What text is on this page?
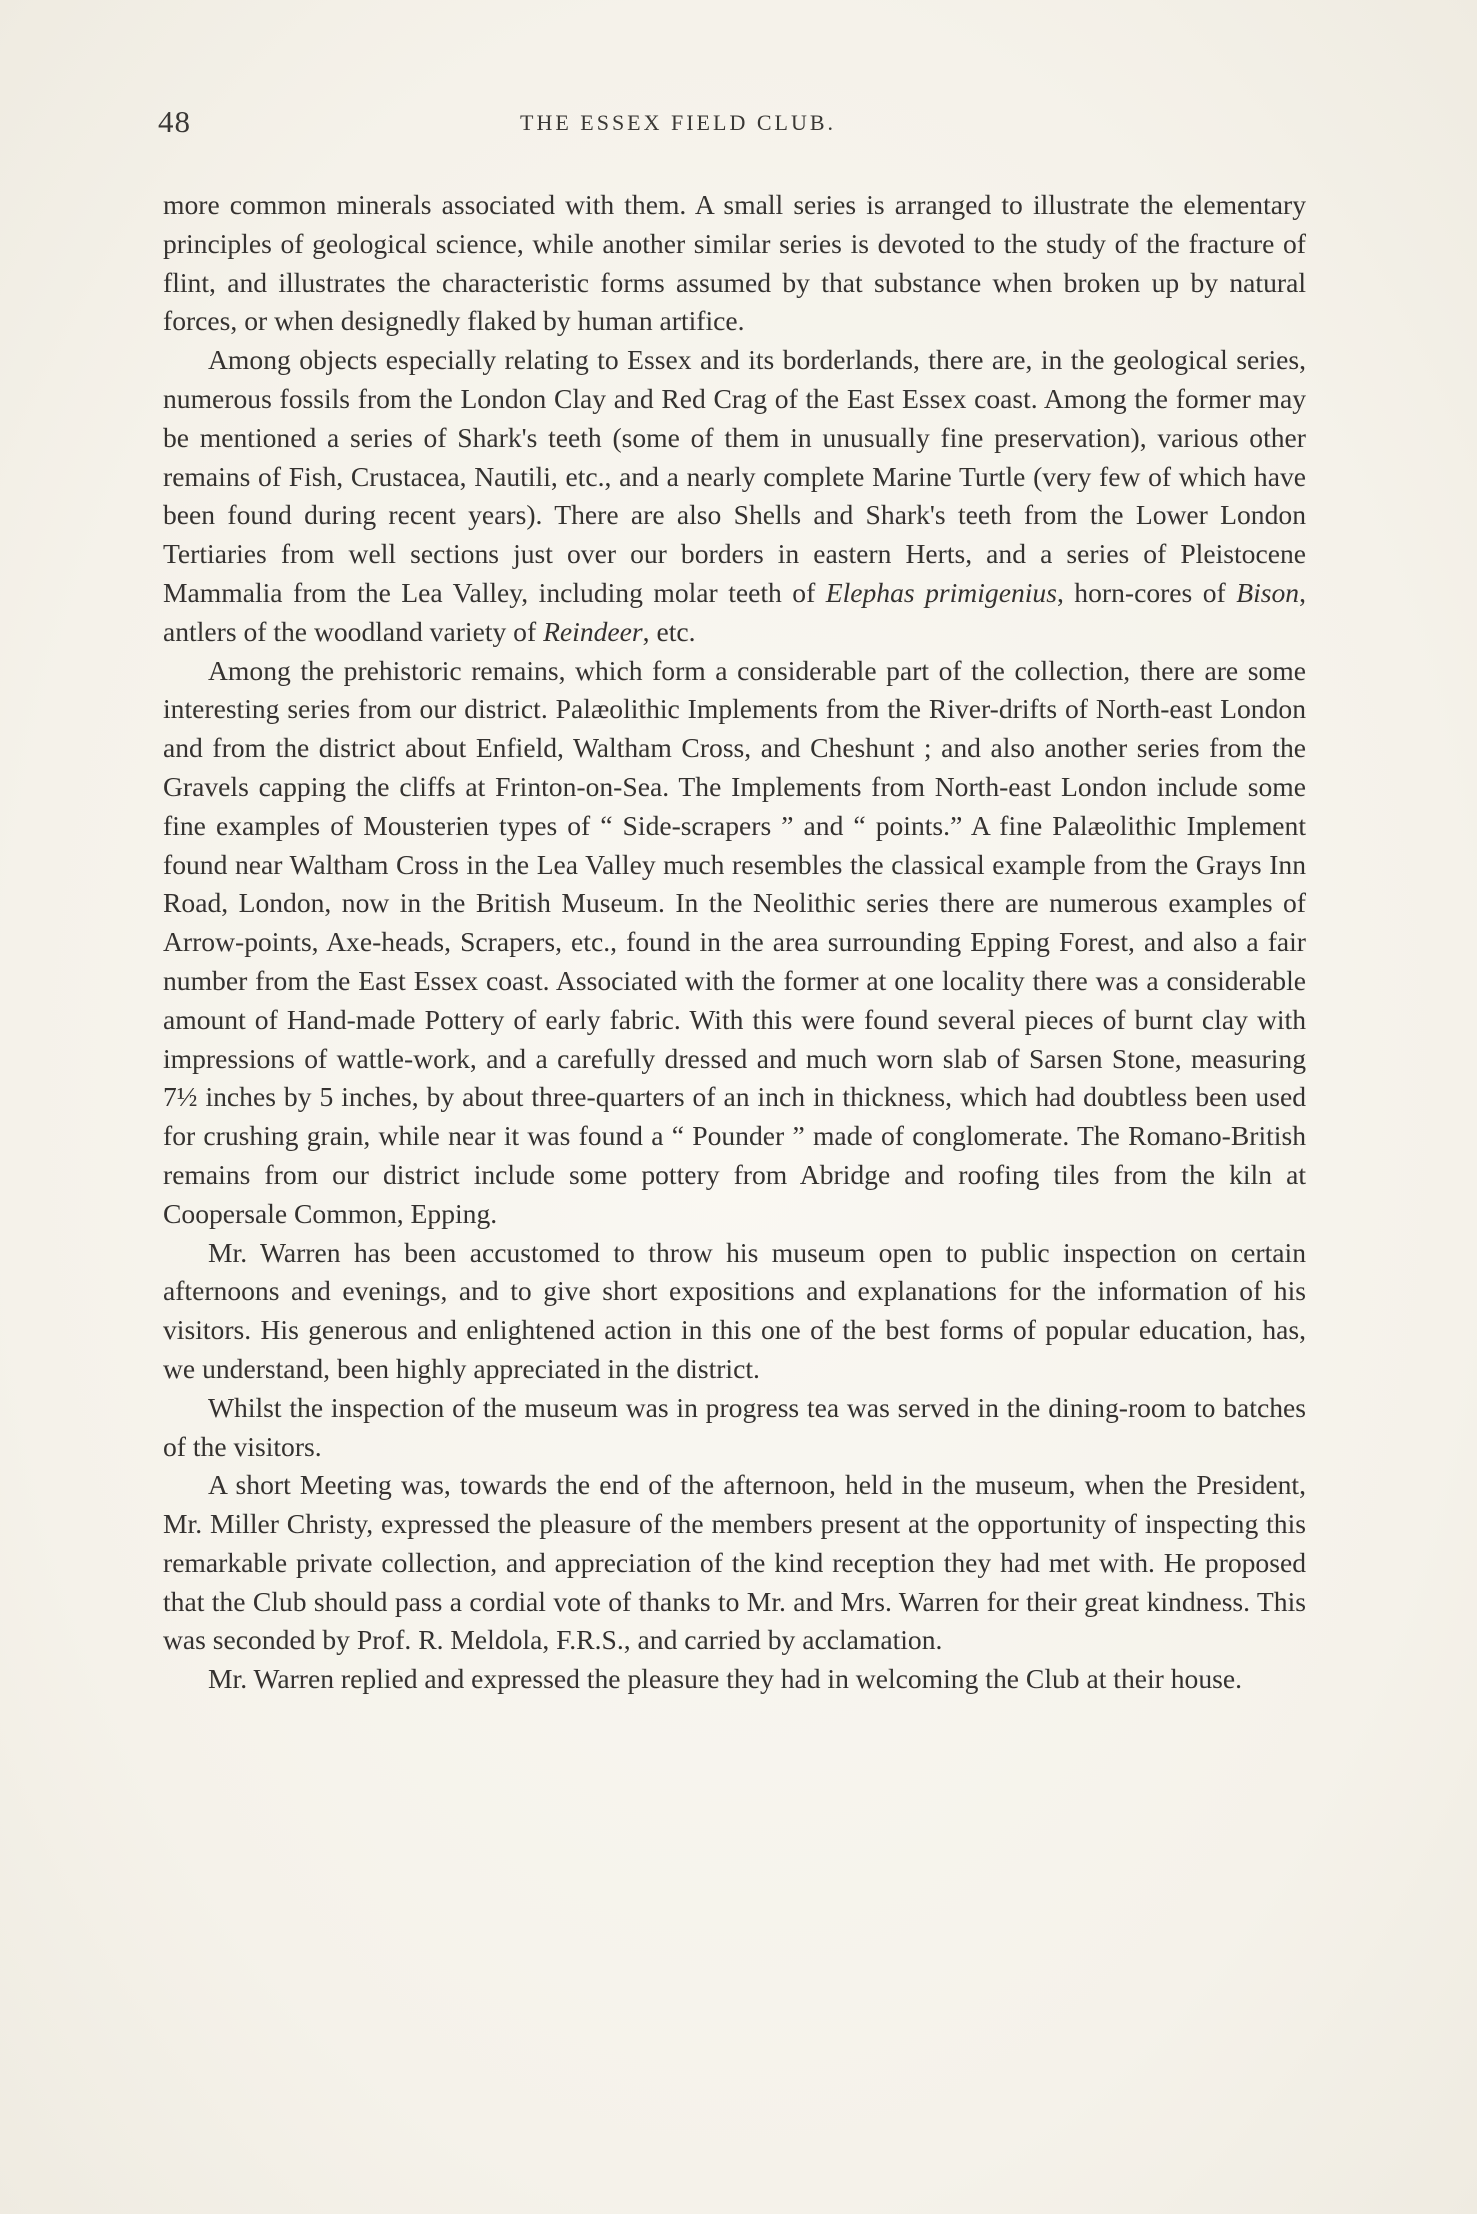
48	THE ESSEX FIELD CLUB.

more common minerals associated with them. A small series is arranged to illustrate the elementary principles of geological science, while another similar series is devoted to the study of the fracture of flint, and illustrates the characteristic forms assumed by that substance when broken up by natural forces, or when designedly flaked by human artifice.

Among objects especially relating to Essex and its borderlands, there are, in the geological series, numerous fossils from the London Clay and Red Crag of the East Essex coast. Among the former may be mentioned a series of Shark's teeth (some of them in unusually fine preservation), various other remains of Fish, Crustacea, Nautili, etc., and a nearly complete Marine Turtle (very few of which have been found during recent years). There are also Shells and Shark's teeth from the Lower London Tertiaries from well sections just over our borders in eastern Herts, and a series of Pleistocene Mammalia from the Lea Valley, including molar teeth of Elephas primigenius, horn-cores of Bison, antlers of the woodland variety of Reindeer, etc.

Among the prehistoric remains, which form a considerable part of the collection, there are some interesting series from our district. Palæolithic Implements from the River-drifts of North-east London and from the district about Enfield, Waltham Cross, and Cheshunt ; and also another series from the Gravels capping the cliffs at Frinton-on-Sea. The Implements from North-east London include some fine examples of Mousterien types of “ Side-scrapers ” and “ points.” A fine Palæolithic Implement found near Waltham Cross in the Lea Valley much resembles the classical example from the Grays Inn Road, London, now in the British Museum. In the Neolithic series there are numerous examples of Arrow-points, Axe-heads, Scrapers, etc., found in the area surrounding Epping Forest, and also a fair number from the East Essex coast. Associated with the former at one locality there was a considerable amount of Hand-made Pottery of early fabric. With this were found several pieces of burnt clay with impressions of wattle-work, and a carefully dressed and much worn slab of Sarsen Stone, measuring 7½ inches by 5 inches, by about three-quarters of an inch in thickness, which had doubtless been used for crushing grain, while near it was found a “ Pounder ” made of conglomerate. The Romano-British remains from our district include some pottery from Abridge and roofing tiles from the kiln at Coopersale Common, Epping.

Mr. Warren has been accustomed to throw his museum open to public inspection on certain afternoons and evenings, and to give short expositions and explanations for the information of his visitors. His generous and enlightened action in this one of the best forms of popular education, has, we understand, been highly appreciated in the district.

Whilst the inspection of the museum was in progress tea was served in the dining-room to batches of the visitors.

A short Meeting was, towards the end of the afternoon, held in the museum, when the President, Mr. Miller Christy, expressed the pleasure of the members present at the opportunity of inspecting this remarkable private collection, and appreciation of the kind reception they had met with. He proposed that the Club should pass a cordial vote of thanks to Mr. and Mrs. Warren for their great kindness. This was seconded by Prof. R. Meldola, F.R.S., and carried by acclamation.

Mr. Warren replied and expressed the pleasure they had in welcoming the Club at their house.
